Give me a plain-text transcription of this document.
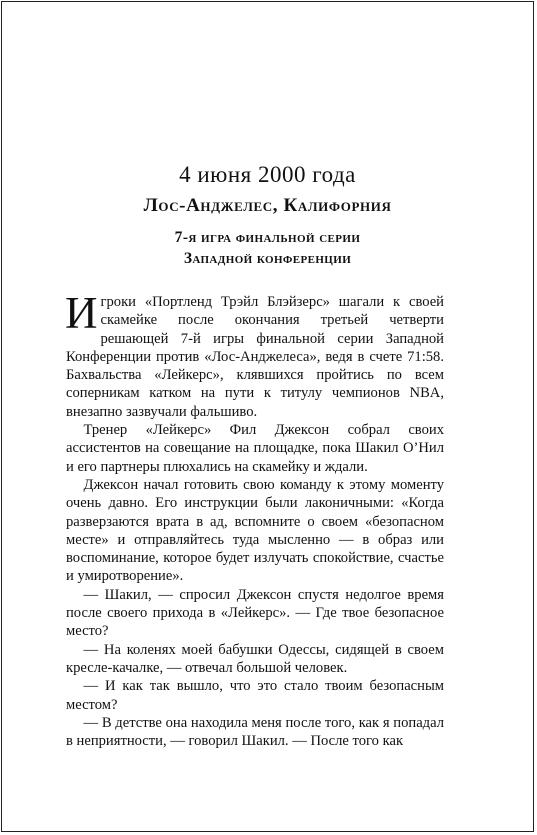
4 июня 2000 года
Лос-Анджелес, Калифорния
7-я игра финальной серии
Западной конференции

Игроки «Портленд Трэйл Блэйзерс» шагали к своей скамейке после окончания третьей четверти решающей 7-й игры финальной серии Западной Конференции против «Лос-Анджелеса», ведя в счете 71:58. Бахвальства «Лейкерс», клявшихся пройтись по всем соперникам катком на пути к титулу чемпионов NBA, внезапно зазвучали фальшиво.

Тренер «Лейкерс» Фил Джексон собрал своих ассистентов на совещание на площадке, пока Шакил О’Нил и его партнеры плюхались на скамейку и ждали.

Джексон начал готовить свою команду к этому моменту очень давно. Его инструкции были лаконичными: «Когда разверзаются врата в ад, вспомните о своем «безопасном месте» и отправляйтесь туда мысленно — в образ или воспоминание, которое будет излучать спокойствие, счастье и умиротворение».

— Шакил, — спросил Джексон спустя недолгое время после своего прихода в «Лейкерс». — Где твое безопасное место?

— На коленях моей бабушки Одессы, сидящей в своем кресле-качалке, — отвечал большой человек.

— И как так вышло, что это стало твоим безопасным местом?

— В детстве она находила меня после того, как я попадал в неприятности, — говорил Шакил. — После того как
